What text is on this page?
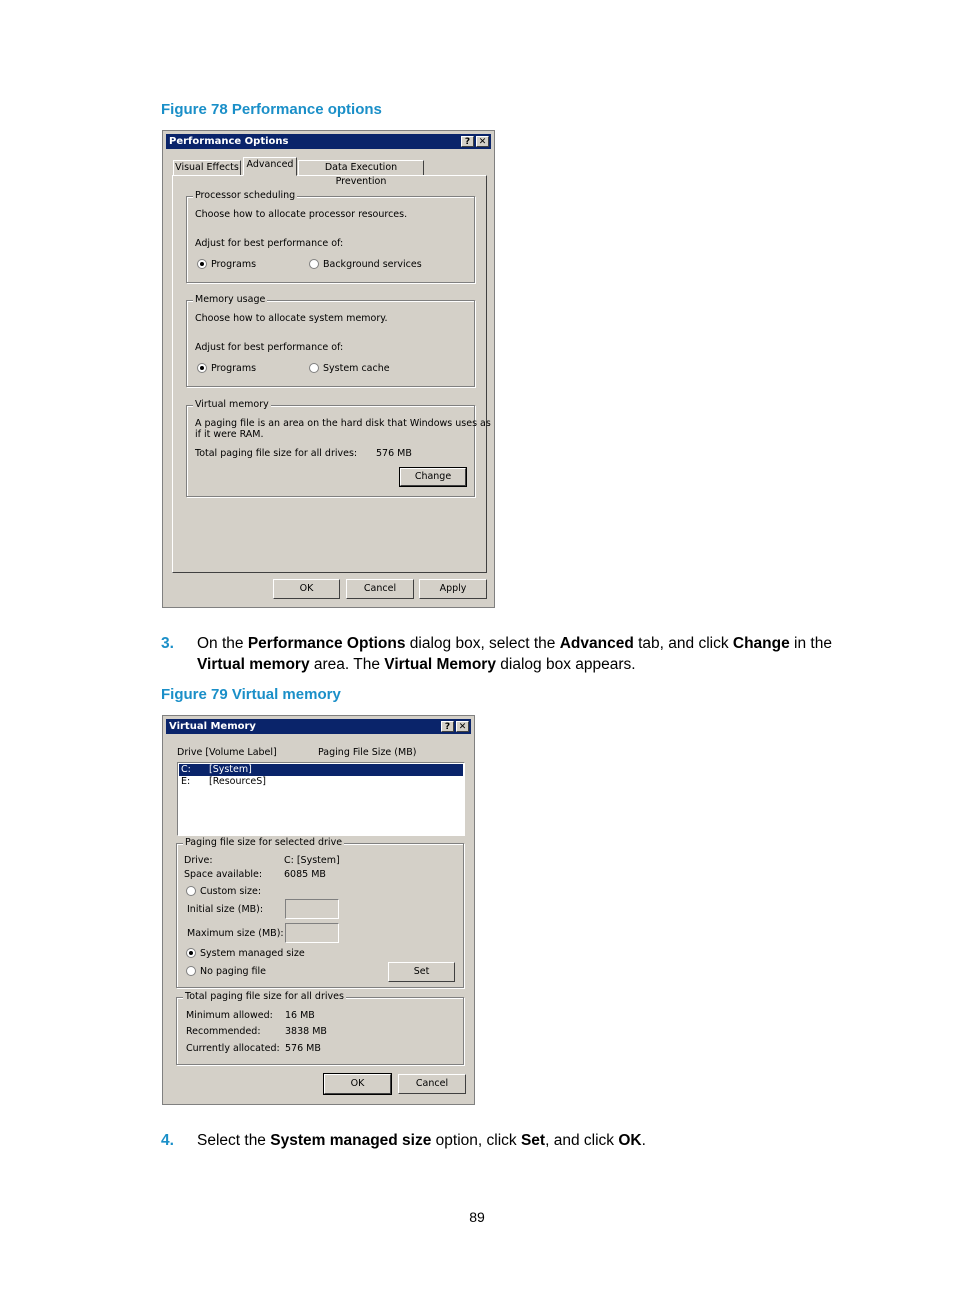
Figure 78 Performance options
Performance Options	? ✕
Visual Effects Advanced	Data Execution Prevention
Processor scheduling
Choose how to allocate processor resources.
Adjust for best performance of:
Programs	Background services
Memory usage
Choose how to allocate system memory.
Adjust for best performance of:
Programs	System cache
Virtual memory
A paging file is an area on the hard disk that Windows uses as
if it were RAM.
Total paging file size for all drives: 576 MB
Change
OK	Cancel	Apply
3. On the Performance Options dialog box, select the Advanced tab, and click Change in the Virtual memory area. The Virtual Memory dialog box appears.
Figure 79 Virtual memory
Virtual Memory	? ✕
Drive [Volume Label]	Paging File Size (MB)
C: [System]
E: [ResourceS]
Paging file size for selected drive
Drive:	C: [System]
Space available: 6085 MB
Custom size:
Initial size (MB):
Maximum size (MB):
System managed size
No paging file	Set
Total paging file size for all drives
Minimum allowed: 16 MB
Recommended:	3838 MB
Currently allocated: 576 MB
OK	Cancel
4. Select the System managed size option, click Set, and click OK.
89
